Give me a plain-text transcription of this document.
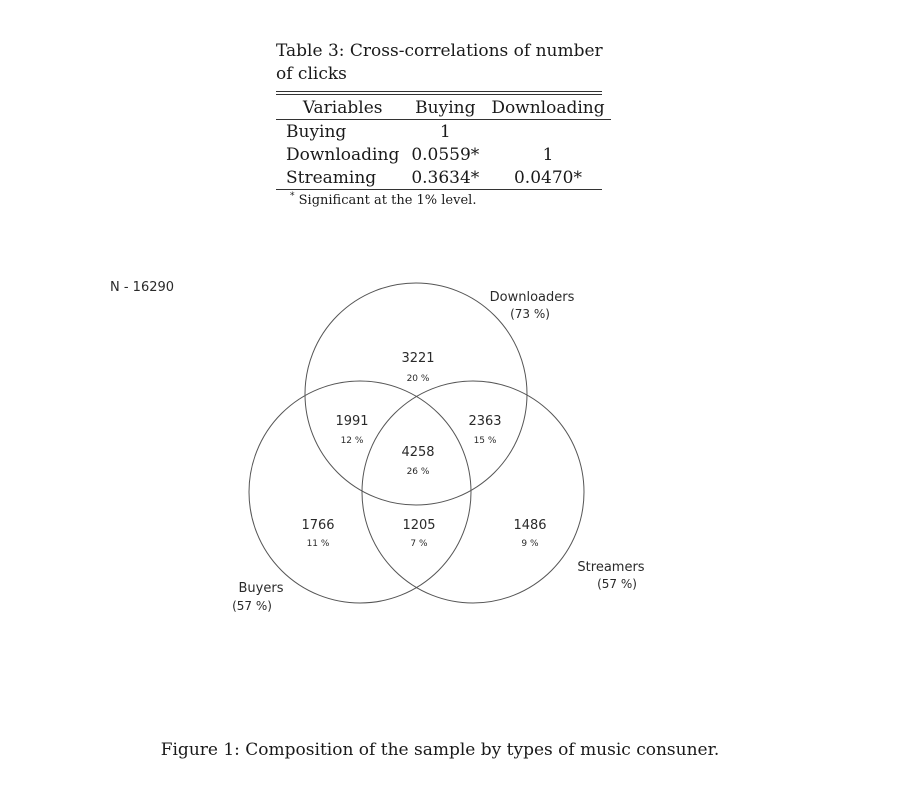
Table 3: Cross-correlations of number of clicks
Variables	Buying	Downloading

Buying	1	
Downloading	0.0559*	1
Streaming	0.3634*	0.0470*
* Significant at the 1% level.
N - 16290
Downloaders
(73 %)
Buyers
(57 %)
Streamers
(57 %)
3221
20 %
1991
12 %
2363
15 %
4258
26 %
1766
11 %
1205
7 %
1486
9 %
Figure 1: Composition of the sample by types of music consuner.
